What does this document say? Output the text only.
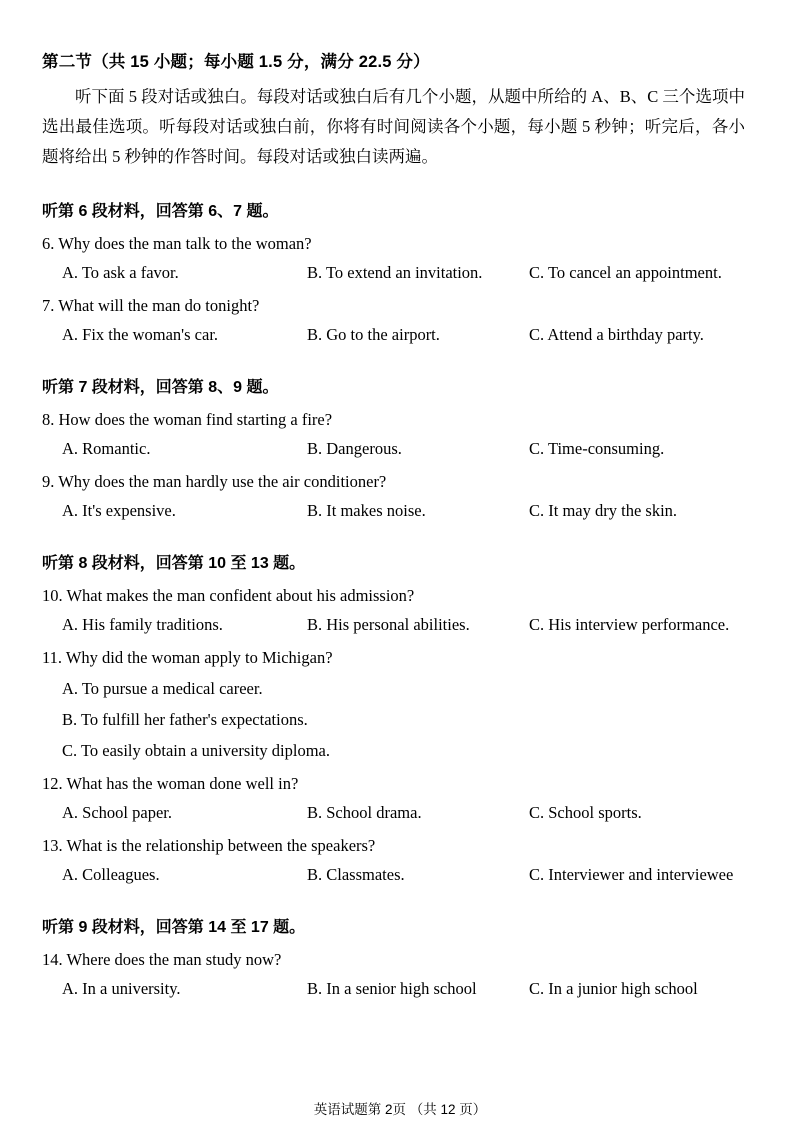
第二节（共 15 小题；每小题 1.5 分，满分 22.5 分）

听下面 5 段对话或独白。每段对话或独白后有几个小题，从题中所给的 A、B、C 三个选项中选出最佳选项。听每段对话或独白前，你将有时间阅读各个小题，每小题 5 秒钟；听完后，各小题将给出 5 秒钟的作答时间。每段对话或独白读两遍。

听第 6 段材料，回答第 6、7 题。

6. Why does the man talk to the woman?

A. To ask a favor.	B. To extend an invitation.	C. To cancel an appointment.

7. What will the man do tonight?

A. Fix the woman's car.	B. Go to the airport.	C. Attend a birthday party.
听第 7 段材料，回答第 8、9 题。

8. How does the woman find starting a fire?

A. Romantic.	B. Dangerous.	C. Time-consuming.

9. Why does the man hardly use the air conditioner?

A. It's expensive.	B. It makes noise.	C. It may dry the skin.
听第 8 段材料，回答第 10 至 13 题。

10. What makes the man confident about his admission?

A. His family traditions.	B. His personal abilities.	C. His interview performance.

11. Why did the woman apply to Michigan?

A. To pursue a medical career.
B. To fulfill her father's expectations.
C. To easily obtain a university diploma.

12. What has the woman done well in?

A. School paper.	B. School drama.	C. School sports.

13. What is the relationship between the speakers?

A. Colleagues.	B. Classmates.	C. Interviewer and interviewee
听第 9 段材料，回答第 14 至 17 题。

14. Where does the man study now?

A. In a university.	B. In a senior high school	C. In a junior high school
英语试题第 2页 （共 12 页）
